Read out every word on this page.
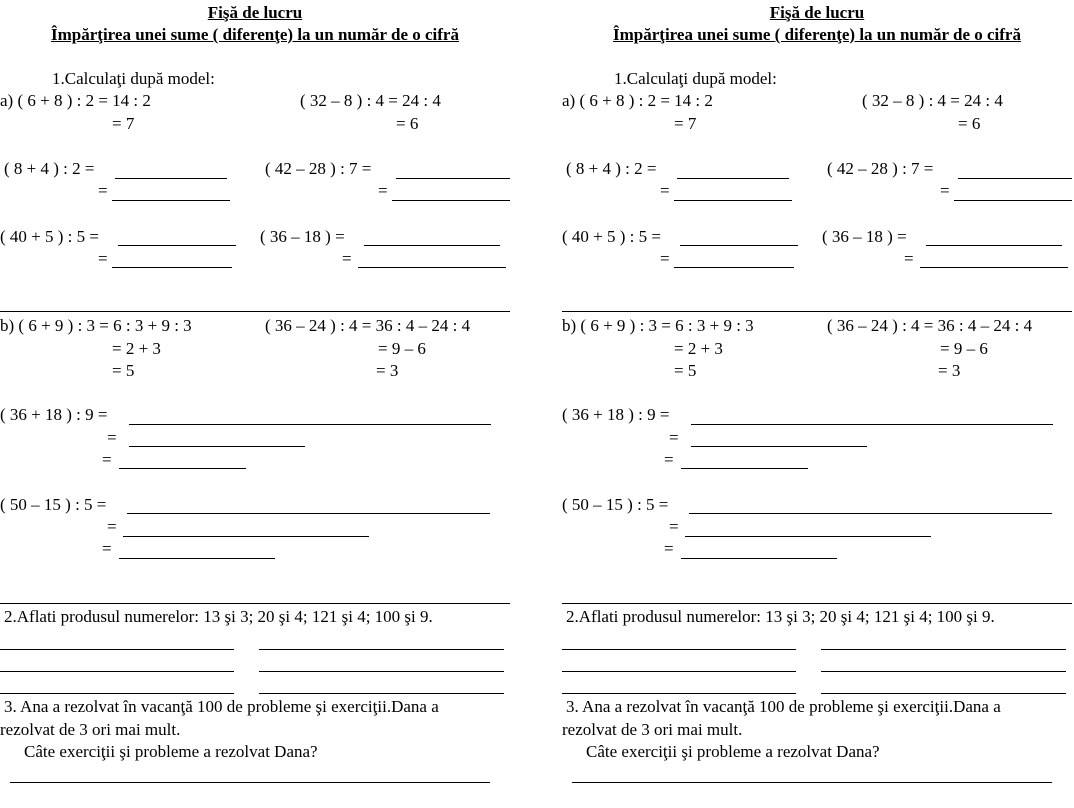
Fişă de lucru
Împărţirea unei sume ( diferenţe) la un număr de o cifră
1.Calculaţi după model:
a) ( 6 + 8 ) : 2 = 14 : 2
= 7
( 32 – 8 ) : 4 = 24 : 4
= 6
( 8 + 4 ) : 2 =
=
( 42 – 28 ) : 7 =
=
( 40 + 5 ) : 5 =
=
( 36 – 18 ) =
=
b) ( 6 + 9 ) : 3 = 6 : 3 + 9 : 3
= 2 + 3
= 5
( 36 – 24 ) : 4 = 36 : 4 – 24 : 4
= 9 – 6
= 3
( 36 + 18 ) : 9 =
=
=
( 50 – 15 ) : 5 =
=
=
2.Aflati produsul numerelor: 13 şi 3; 20 şi 4; 121 şi 4; 100 şi 9.
3. Ana a rezolvat în vacanţă 100 de probleme şi exerciţii.Dana a
rezolvat de 3 ori mai mult.
Câte exerciţii şi probleme a rezolvat Dana?
Fişă de lucru
Împărţirea unei sume ( diferenţe) la un număr de o cifră
1.Calculaţi după model:
a) ( 6 + 8 ) : 2 = 14 : 2
= 7
( 32 – 8 ) : 4 = 24 : 4
= 6
( 8 + 4 ) : 2 =
=
( 42 – 28 ) : 7 =
=
( 40 + 5 ) : 5 =
=
( 36 – 18 ) =
=
b) ( 6 + 9 ) : 3 = 6 : 3 + 9 : 3
= 2 + 3
= 5
( 36 – 24 ) : 4 = 36 : 4 – 24 : 4
= 9 – 6
= 3
( 36 + 18 ) : 9 =
=
=
( 50 – 15 ) : 5 =
=
=
2.Aflati produsul numerelor: 13 şi 3; 20 şi 4; 121 şi 4; 100 şi 9.
3. Ana a rezolvat în vacanţă 100 de probleme şi exerciţii.Dana a
rezolvat de 3 ori mai mult.
Câte exerciţii şi probleme a rezolvat Dana?
